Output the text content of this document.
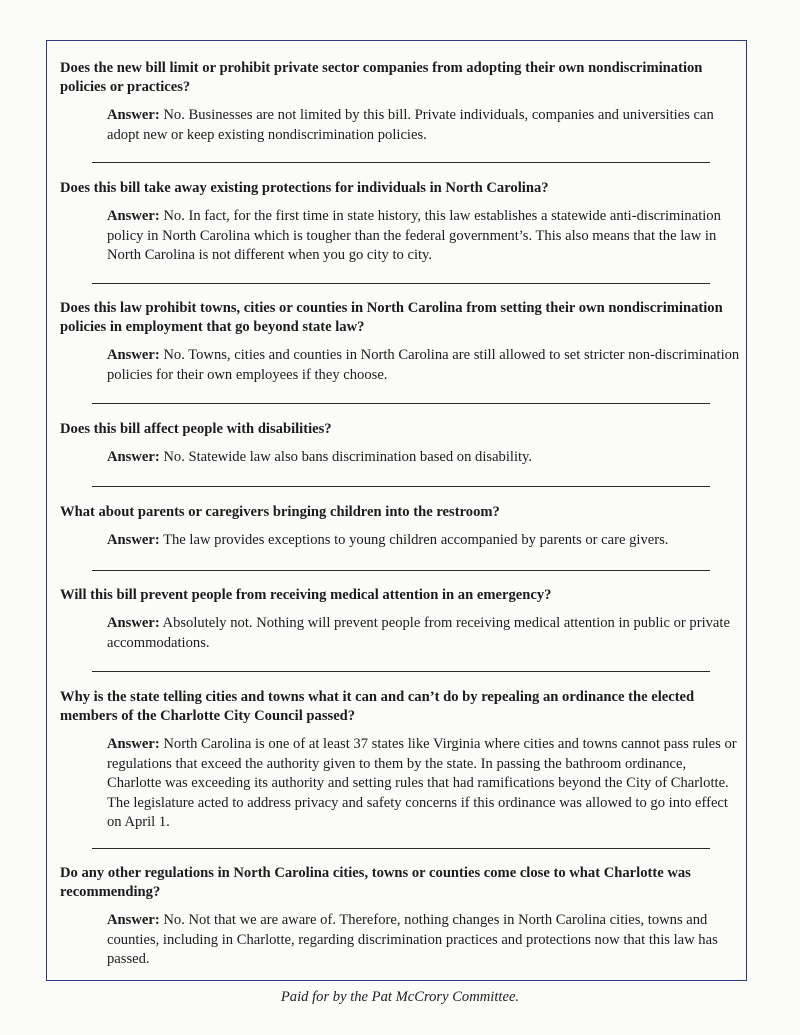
Does the new bill limit or prohibit private sector companies from adopting their own nondiscrimination policies or practices?

Answer: No. Businesses are not limited by this bill. Private individuals, companies and universities can adopt new or keep existing nondiscrimination policies.

Does this bill take away existing protections for individuals in North Carolina?

Answer: No. In fact, for the first time in state history, this law establishes a statewide anti-discrimination policy in North Carolina which is tougher than the federal government’s. This also means that the law in North Carolina is not different when you go city to city.

Does this law prohibit towns, cities or counties in North Carolina from setting their own nondiscrimination policies in employment that go beyond state law?

Answer: No. Towns, cities and counties in North Carolina are still allowed to set stricter non-discrimination policies for their own employees if they choose.

Does this bill affect people with disabilities?

Answer: No. Statewide law also bans discrimination based on disability.

What about parents or caregivers bringing children into the restroom?

Answer: The law provides exceptions to young children accompanied by parents or care givers.

Will this bill prevent people from receiving medical attention in an emergency?

Answer: Absolutely not. Nothing will prevent people from receiving medical attention in public or private accommodations.

Why is the state telling cities and towns what it can and can’t do by repealing an ordinance the elected members of the Charlotte City Council passed?

Answer: North Carolina is one of at least 37 states like Virginia where cities and towns cannot pass rules or regulations that exceed the authority given to them by the state. In passing the bathroom ordinance, Charlotte was exceeding its authority and setting rules that had ramifications beyond the City of Charlotte. The legislature acted to address privacy and safety concerns if this ordinance was allowed to go into effect on April 1.

Do any other regulations in North Carolina cities, towns or counties come close to what Charlotte was recommending?

Answer: No. Not that we are aware of. Therefore, nothing changes in North Carolina cities, towns and counties, including in Charlotte, regarding discrimination practices and protections now that this law has passed.

Paid for by the Pat McCrory Committee.
